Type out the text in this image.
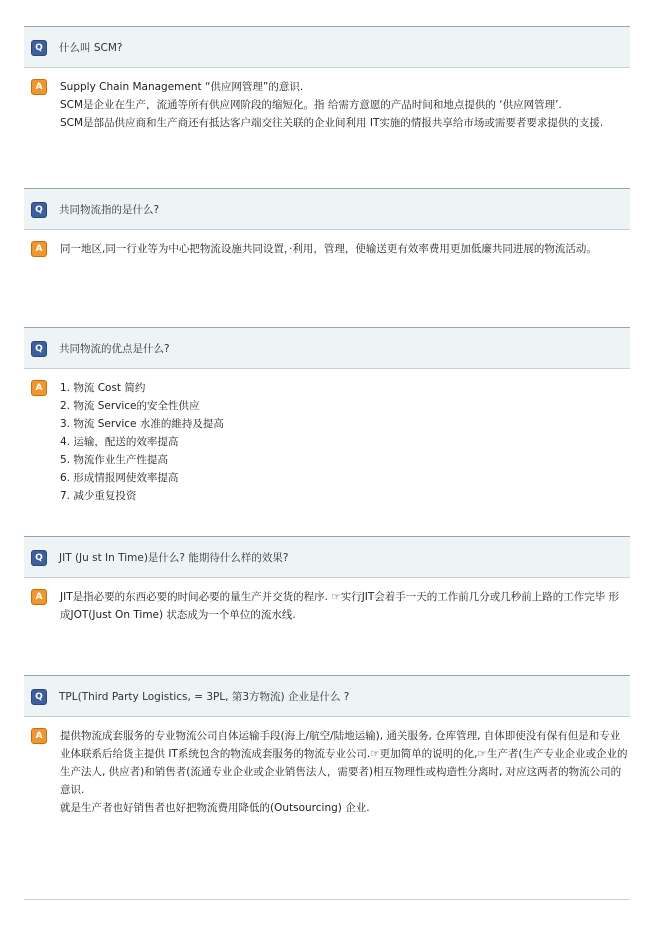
Q	什么叫 SCM?
A	Supply Chain Management “供应网管理”的意识.
SCM是企业在生产，流通等所有供应网阶段的缩短化。指 给需方意愿的产品时间和地点提供的 ‘供应网管理’.
SCM是部品供应商和生产商还有抵达客户端交往关联的企业间利用 IT实施的情报共享给市场或需要者要求提供的支援.
Q	共同物流指的是什么?
A	同一地区,同一行业等为中心把物流设施共同设置，·利用，管理，使输送更有效率费用更加低廉共同进展的物流活动。
Q	共同物流的优点是什么?
A	1. 物流 Cost 简约
2. 物流 Service的安全性供应
3. 物流 Service 水准的維持及提高
4. 运输，配送的效率提高
5. 物流作业生产性提高
6. 形成情报网使效率提高
7. 减少重复投资
Q	JIT (Ju st In Time)是什么? 能期待什么样的效果?
A	JIT是指必要的东西必要的时间必要的量生产并交货的程序. ☞实行JIT会着手一天的工作前几分或几秒前上路的工作完毕 形成JOT(Just On Time) 状态成为一个单位的流水线.
Q	TPL(Third Party Logistics, = 3PL, 第3方物流) 企业是什么 ?
A	提供物流成套服务的专业物流公司自体运输手段(海上/航空/陆地运输), 通关服务, 仓库管理, 自体即使没有保有但是和专业业体联系后给货主提供 IT系统包含的物流成套服务的物流专业公司.☞更加简单的说明的化,☞生产者(生产专业企业或企业的生产法人, 供应者)和销售者(流通专业企业或企业销售法人，需要者)相互物理性或构造性分离时, 对应这两者的物流公司的意识.
就是生产者也好销售者也好把物流费用降低的(Outsourcing) 企业.
